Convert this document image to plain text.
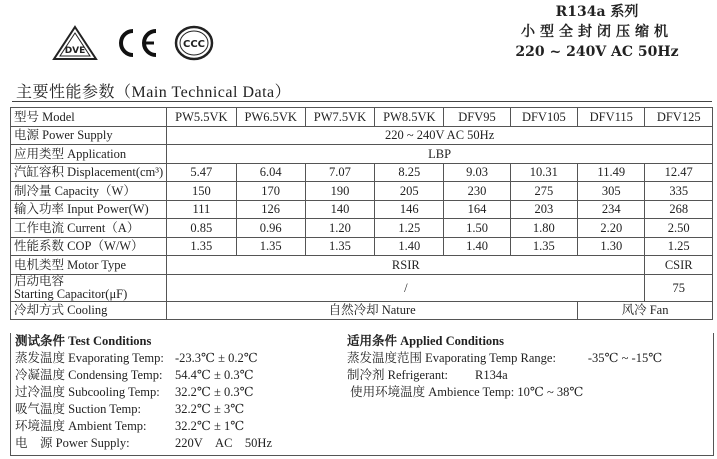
DVE
CCC
R134a 系列
小型全封闭压缩机
220 ~ 240V AC 50Hz
主要性能参数（Main Technical Data）
型号 Model	PW5.5VK	PW6.5VK	PW7.5VK	PW8.5VK	DFV95	DFV105	DFV115	DFV125
电源 Power Supply	220 ~ 240V AC 50Hz							
应用类型 Application	LBP							
汽缸容积 Displacement(cm³)	5.47	6.04	7.07	8.25	9.03	10.31	11.49	12.47
制冷量 Capacity（W）	150	170	190	205	230	275	305	335
输入功率 Input Power(W)	111	126	140	146	164	203	234	268
工作电流 Current（A）	0.85	0.96	1.20	1.25	1.50	1.80	2.20	2.50
性能系数 COP（W/W）	1.35	1.35	1.35	1.40	1.40	1.35	1.30	1.25
电机类型 Motor Type	RSIR							CSIR

启动电容
Starting Capacitor(μF)	/							75
冷却方式 Cooling	自然冷却 Nature						风冷 Fan	
测试条件 Test Conditions
蒸发温度 Evaporating Temp: -23.3℃ ± 0.2℃
冷凝温度 Condensing Temp: 54.4℃ ± 0.3℃
过冷温度 Subcooling Temp: 32.2℃ ± 0.3℃
吸气温度 Suction Temp:	32.2℃ ± 3℃
环境温度 Ambient Temp: 32.2℃ ± 1℃
电　源 Power Supply:	220V　AC　50Hz
适用条件 Applied Conditions
蒸发温度范围 Evaporating Temp Range:	-35℃ ~ -15℃
制冷剂 Refrigerant: R134a
使用环境温度 Ambience Temp: 10℃ ~ 38℃
